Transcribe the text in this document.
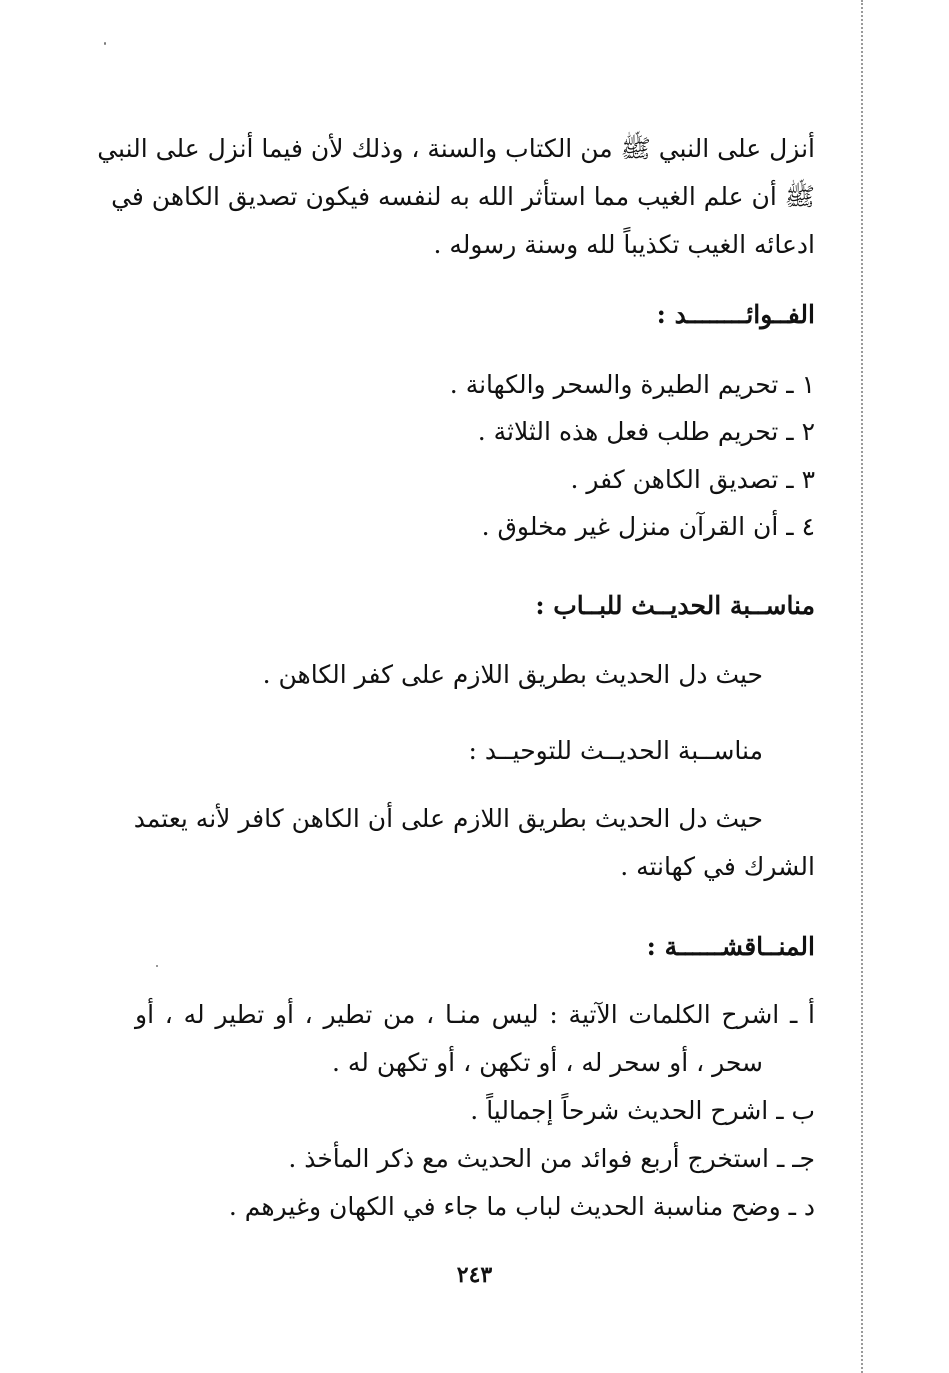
أنزل على النبي ﷺ من الكتاب والسنة ، وذلك لأن فيما أنزل على النبي
ﷺ أن علم الغيب مما استأثر الله به لنفسه فيكون تصديق الكاهن في
ادعائه الغيب تكذيباً لله وسنة رسوله .
الفــوائــــــــد :
١ ـ تحريم الطيرة والسحر والكهانة .
٢ ـ تحريم طلب فعل هذه الثلاثة .
٣ ـ تصديق الكاهن كفر .
٤ ـ أن القرآن منزل غير مخلوق .
مناســبة الحديــث للبــاب :
حيث دل الحديث بطريق اللازم على كفر الكاهن .
مناســبة الحديــث للتوحيــد :
حيث دل الحديث بطريق اللازم على أن الكاهن كافر لأنه يعتمد
الشرك في كهانته .
المنــاقشــــــة :
أ ـ اشرح الكلمات الآتية : ليس منـا ، من تطير ، أو تطير له ، أو
سحر ، أو سحر له ، أو تكهن ، أو تكهن له .
ب ـ اشرح الحديث شرحاً إجمالياً .
جـ ـ استخرج أربع فوائد من الحديث مع ذكر المأخذ .
د ـ وضح مناسبة الحديث لباب ما جاء في الكهان وغيرهم .
٢٤٣
